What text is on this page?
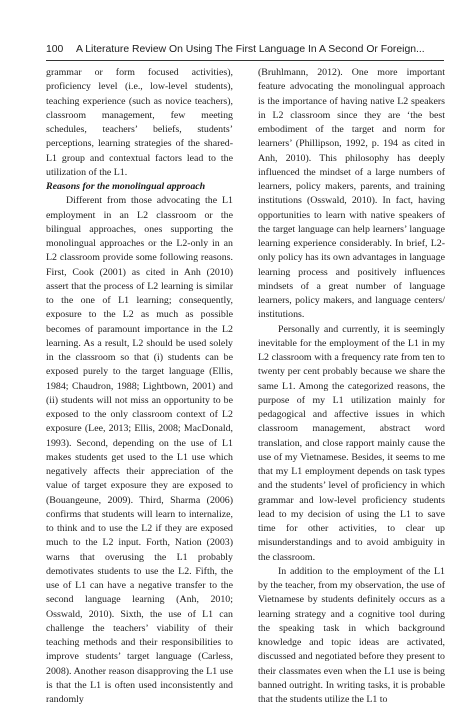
100 A Literature Review On Using The First Language In A Second Or Foreign...

grammar or form focused activities), proficiency level (i.e., low-level students), teaching experience (such as novice teachers), classroom management, few meeting schedules, teachers’ beliefs, students’ perceptions, learning strategies of the shared-L1 group and contextual factors lead to the utilization of the L1.

Reasons for the monolingual approach

Different from those advocating the L1 employment in an L2 classroom or the bilingual approaches, ones supporting the monolingual approaches or the L2-only in an L2 classroom provide some following reasons. First, Cook (2001) as cited in Anh (2010) assert that the process of L2 learning is similar to the one of L1 learning; consequently, exposure to the L2 as much as possible becomes of paramount importance in the L2 learning. As a result, L2 should be used solely in the classroom so that (i) students can be exposed purely to the target language (Ellis, 1984; Chaudron, 1988; Lightbown, 2001) and (ii) students will not miss an opportunity to be exposed to the only classroom context of L2 exposure (Lee, 2013; Ellis, 2008; MacDonald, 1993). Second, depending on the use of L1 makes students get used to the L1 use which negatively affects their appreciation of the value of target exposure they are exposed to (Bouangeune, 2009). Third, Sharma (2006) confirms that students will learn to internalize, to think and to use the L2 if they are exposed much to the L2 input. Forth, Nation (2003) warns that overusing the L1 probably demotivates students to use the L2. Fifth, the use of L1 can have a negative transfer to the second language learning (Anh, 2010; Osswald, 2010). Sixth, the use of L1 can challenge the teachers’ viability of their teaching methods and their responsibilities to improve students’ target language (Carless, 2008). Another reason disapproving the L1 use is that the L1 is often used inconsistently and randomly

(Bruhlmann, 2012). One more important feature advocating the monolingual approach is the importance of having native L2 speakers in L2 classroom since they are ‘the best embodiment of the target and norm for learners’ (Phillipson, 1992, p. 194 as cited in Anh, 2010). This philosophy has deeply influenced the mindset of a large numbers of learners, policy makers, parents, and training institutions (Osswald, 2010). In fact, having opportunities to learn with native speakers of the target language can help learners’ language learning experience considerably. In brief, L2-only policy has its own advantages in language learning process and positively influences mindsets of a great number of language learners, policy makers, and language centers/ institutions.

Personally and currently, it is seemingly inevitable for the employment of the L1 in my L2 classroom with a frequency rate from ten to twenty per cent probably because we share the same L1. Among the categorized reasons, the purpose of my L1 utilization mainly for pedagogical and affective issues in which classroom management, abstract word translation, and close rapport mainly cause the use of my Vietnamese. Besides, it seems to me that my L1 employment depends on task types and the students’ level of proficiency in which grammar and low-level proficiency students lead to my decision of using the L1 to save time for other activities, to clear up misunderstandings and to avoid ambiguity in the classroom.

In addition to the employment of the L1 by the teacher, from my observation, the use of Vietnamese by students definitely occurs as a learning strategy and a cognitive tool during the speaking task in which background knowledge and topic ideas are activated, discussed and negotiated before they present to their classmates even when the L1 use is being banned outright. In writing tasks, it is probable that the students utilize the L1 to
